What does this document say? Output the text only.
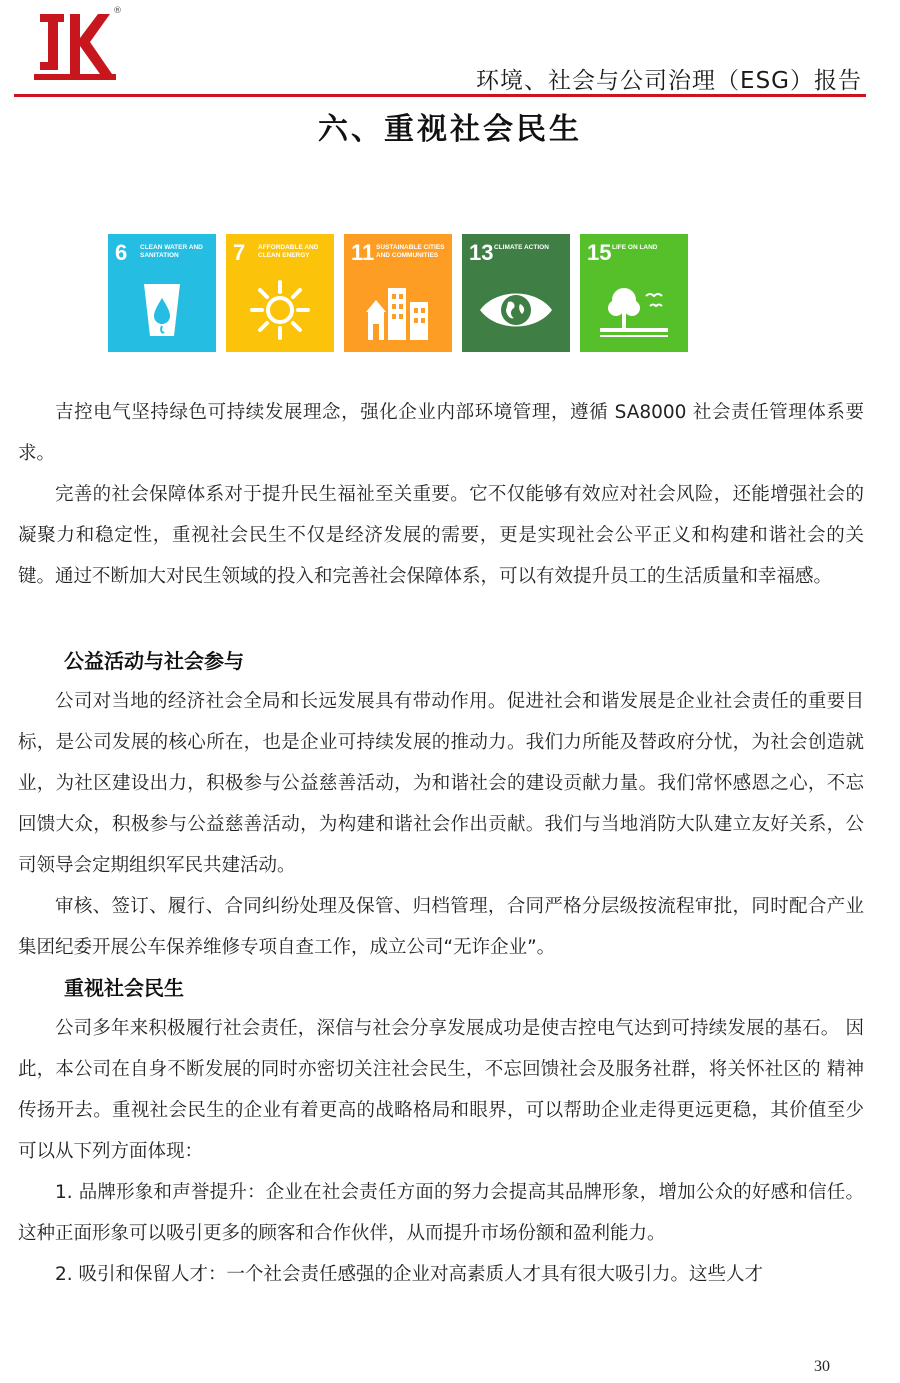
®
环境、社会与公司治理（ESG）报告
六、重视社会民生
6 CLEAN WATER AND SANITATION	7 AFFORDABLE AND CLEAN ENERGY	11 SUSTAINABLE CITIES AND COMMUNITIES	13 CLIMATE ACTION	15 LIFE ON LAND

吉控电气坚持绿色可持续发展理念，强化企业内部环境管理，遵循 SA8000 社会责任管理体系要求。

完善的社会保障体系对于提升民生福祉至关重要。它不仅能够有效应对社会风险，还能增强社会的凝聚力和稳定性，重视社会民生不仅是经济发展的需要，更是实现社会公平正义和构建和谐社会的关键。通过不断加大对民生领域的投入和完善社会保障体系，可以有效提升员工的生活质量和幸福感。

公益活动与社会参与

公司对当地的经济社会全局和长远发展具有带动作用。促进社会和谐发展是企业社会责任的重要目标，是公司发展的核心所在，也是企业可持续发展的推动力。我们力所能及替政府分忧，为社会创造就业，为社区建设出力，积极参与公益慈善活动，为和谐社会的建设贡献力量。我们常怀感恩之心，不忘回馈大众，积极参与公益慈善活动，为构建和谐社会作出贡献。我们与当地消防大队建立友好关系，公司领导会定期组织军民共建活动。

审核、签订、履行、合同纠纷处理及保管、归档管理，合同严格分层级按流程审批，同时配合产业集团纪委开展公车保养维修专项自查工作，成立公司“无诈企业”。

重视社会民生

公司多年来积极履行社会责任，深信与社会分享发展成功是使吉控电气达到可持续发展的基石。 因此，本公司在自身不断发展的同时亦密切关注社会民生，不忘回馈社会及服务社群，将关怀社区的 精神传扬开去。重视社会民生的企业有着更高的战略格局和眼界，可以帮助企业走得更远更稳，其价值至少可以从下列方面体现：

1. 品牌形象和声誉提升：企业在社会责任方面的努力会提高其品牌形象，增加公众的好感和信任。这种正面形象可以吸引更多的顾客和合作伙伴，从而提升市场份额和盈利能力。

2. 吸引和保留人才：一个社会责任感强的企业对高素质人才具有很大吸引力。这些人才

30
